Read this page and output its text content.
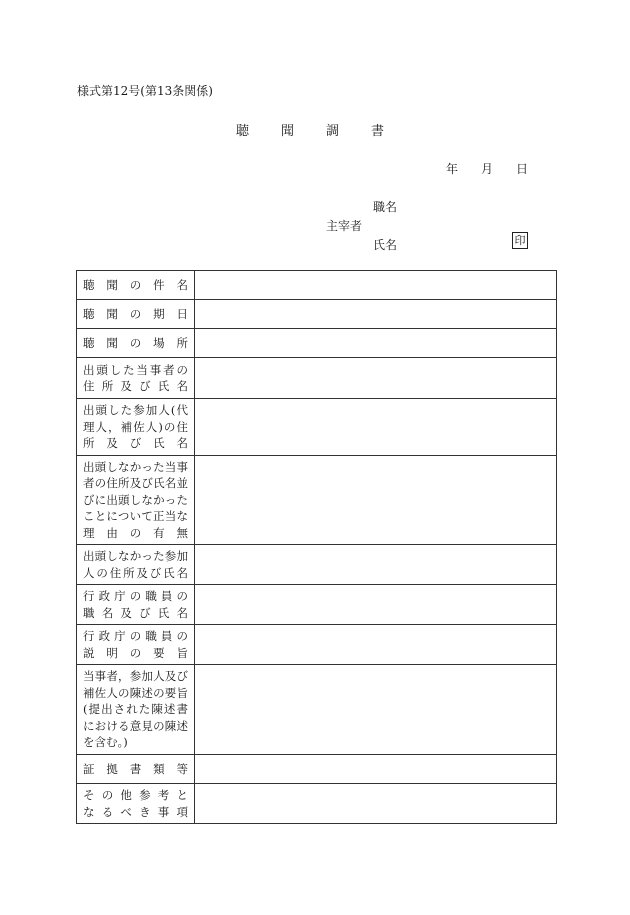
様式第12号(第13条関係)
聴 聞 調 書
年 月 日
職名
主宰者
氏名	印
聴聞の件名	

聴聞の期日	

聴聞の場所	

出頭した当事者の
住所及び氏名	

出頭した参加人(代
理人，補佐人)の住
所及び氏名	

出頭しなかった当事
者の住所及び氏名並
びに出頭しなかった
ことについて正当な
理由の有無	

出頭しなかった参加
人の住所及び氏名	

行政庁の職員の
職名及び氏名	

行政庁の職員の
説明の要旨	

当事者，参加人及び
補佐人の陳述の要旨
(提出された陳述書
における意見の陳述
を含む。)	

証拠書類等	

その他参考と
なるべき事項	
